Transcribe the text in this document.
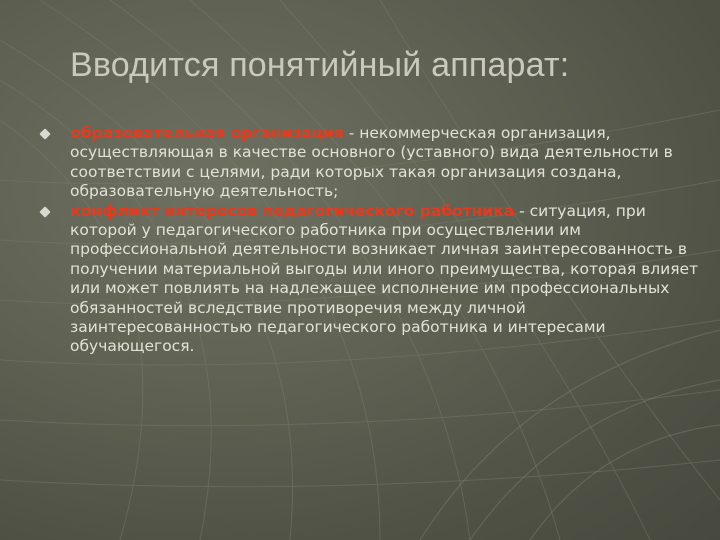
Вводится понятийный аппарат:
образовательная организация - некоммерческая организация, осуществляющая в качестве основного (уставного) вида деятельности в соответствии с целями, ради которых такая организация создана, образовательную деятельность;
конфликт интересов педагогического работника - ситуация, при которой у педагогического работника при осуществлении им профессиональной деятельности возникает личная заинтересованность в получении материальной выгоды или иного преимущества, которая влияет или может повлиять на надлежащее исполнение им профессиональных обязанностей вследствие противоречия между личной заинтересованностью педагогического работника и интересами обучающегося.
